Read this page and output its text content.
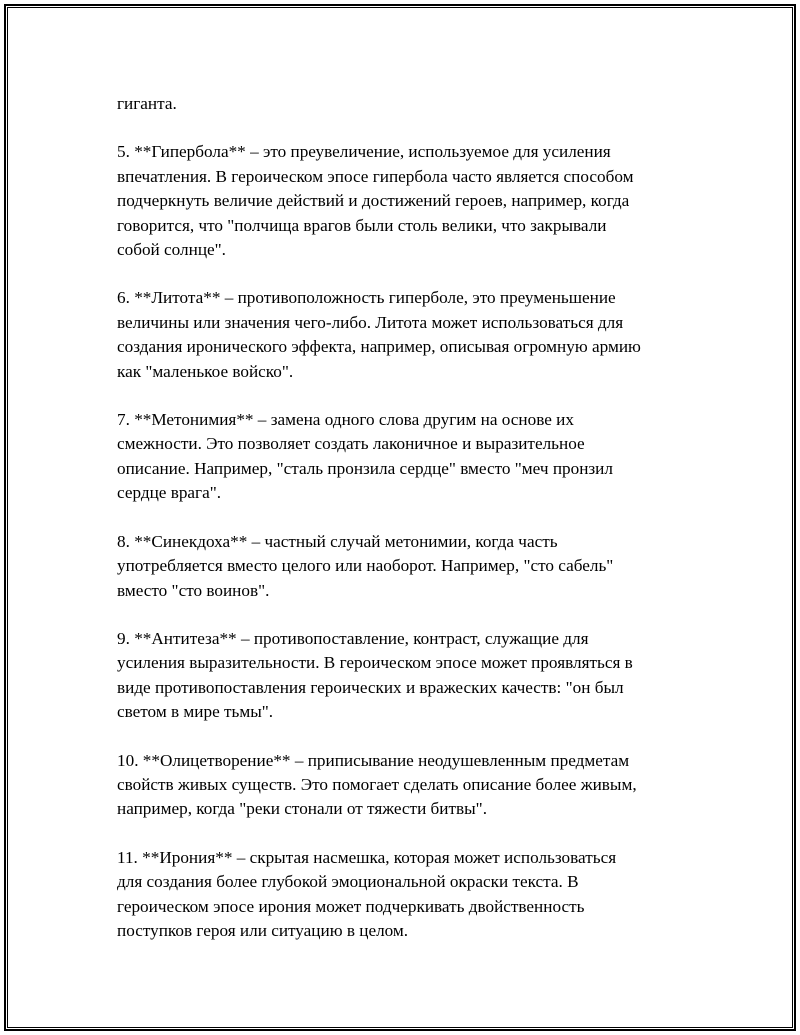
гиганта.

5. **Гипербола** – это преувеличение, используемое для усиления
впечатления. В героическом эпосе гипербола часто является способом
подчеркнуть величие действий и достижений героев, например, когда
говорится, что "полчища врагов были столь велики, что закрывали
собой солнце".

6. **Литота** – противоположность гиперболе, это преуменьшение
величины или значения чего-либо. Литота может использоваться для
создания иронического эффекта, например, описывая огромную армию
как "маленькое войско".

7. **Метонимия** – замена одного слова другим на основе их
смежности. Это позволяет создать лаконичное и выразительное
описание. Например, "сталь пронзила сердце" вместо "меч пронзил
сердце врага".

8. **Синекдоха** – частный случай метонимии, когда часть
употребляется вместо целого или наоборот. Например, "сто сабель"
вместо "сто воинов".

9. **Антитеза** – противопоставление, контраст, служащие для
усиления выразительности. В героическом эпосе может проявляться в
виде противопоставления героических и вражеских качеств: "он был
светом в мире тьмы".

10. **Олицетворение** – приписывание неодушевленным предметам
свойств живых существ. Это помогает сделать описание более живым,
например, когда "реки стонали от тяжести битвы".

11. **Ирония** – скрытая насмешка, которая может использоваться
для создания более глубокой эмоциональной окраски текста. В
героическом эпосе ирония может подчеркивать двойственность
поступков героя или ситуацию в целом.
